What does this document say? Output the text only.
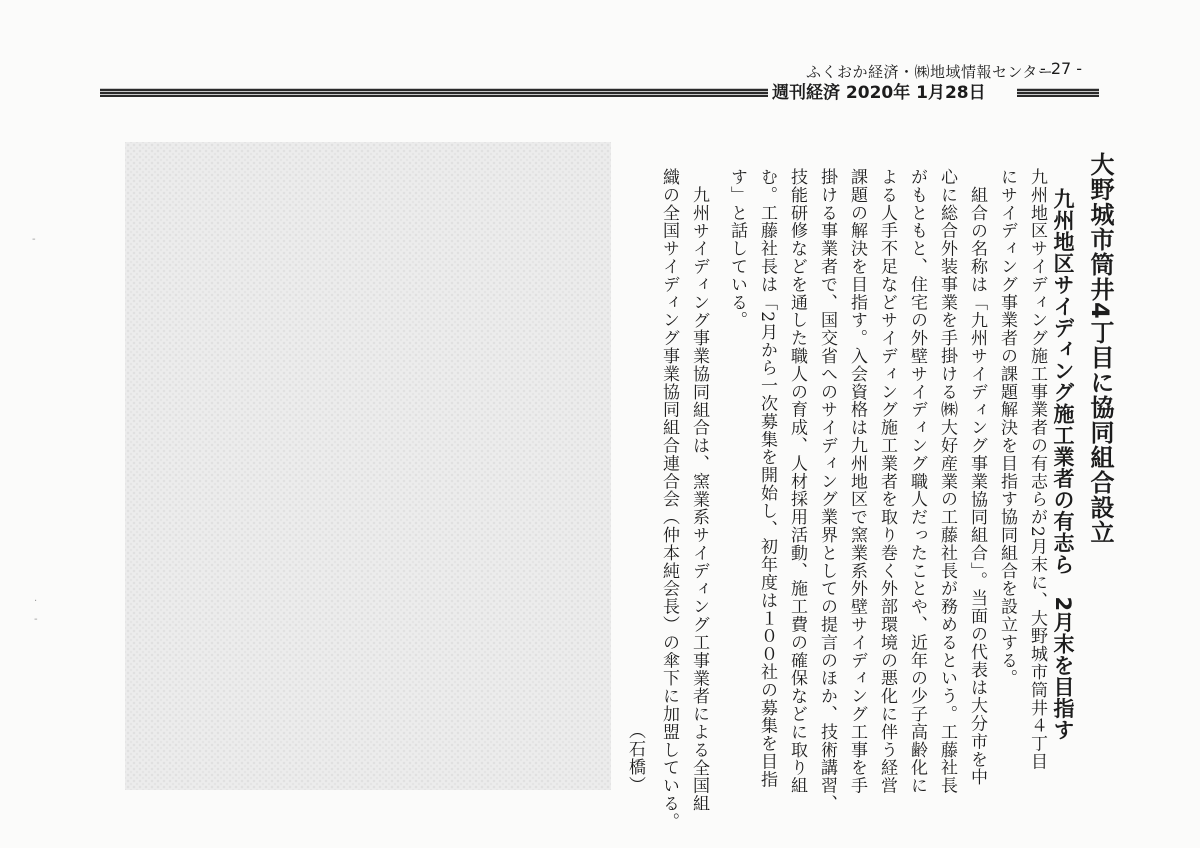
ふくおか経済・㈱地域情報センター
- 27 -
週刊経済 2020年 1月28日
大野城市筒井4丁目に協同組合設立
九州地区サイディング施工業者の有志ら　2月末を目指す
九州地区サイディング施工事業者の有志らが2月末に、大野城市筒井４丁目
にサイディング事業者の課題解決を目指す協同組合を設立する。
組合の名称は「九州サイディング事業協同組合」。当面の代表は大分市を中
心に総合外装事業を手掛ける㈱大好産業の工藤社長が務めるという。工藤社長
がもともと、住宅の外壁サイディング職人だったことや、近年の少子高齢化に
よる人手不足などサイディング施工業者を取り巻く外部環境の悪化に伴う経営
課題の解決を目指す。入会資格は九州地区で窯業系外壁サイディング工事を手
掛ける事業者で、国交省へのサイディング業界としての提言のほか、技術講習、
技能研修などを通した職人の育成、人材採用活動、施工費の確保などに取り組
む。工藤社長は「2月から一次募集を開始し、初年度は１００社の募集を目指
す」と話している。
九州サイディング事業協同組合は、窯業系サイディング工事業者による全国組
織の全国サイディング事業協同組合連合会（仲本純会長）の傘下に加盟している。
（石橋）
-
·
-
